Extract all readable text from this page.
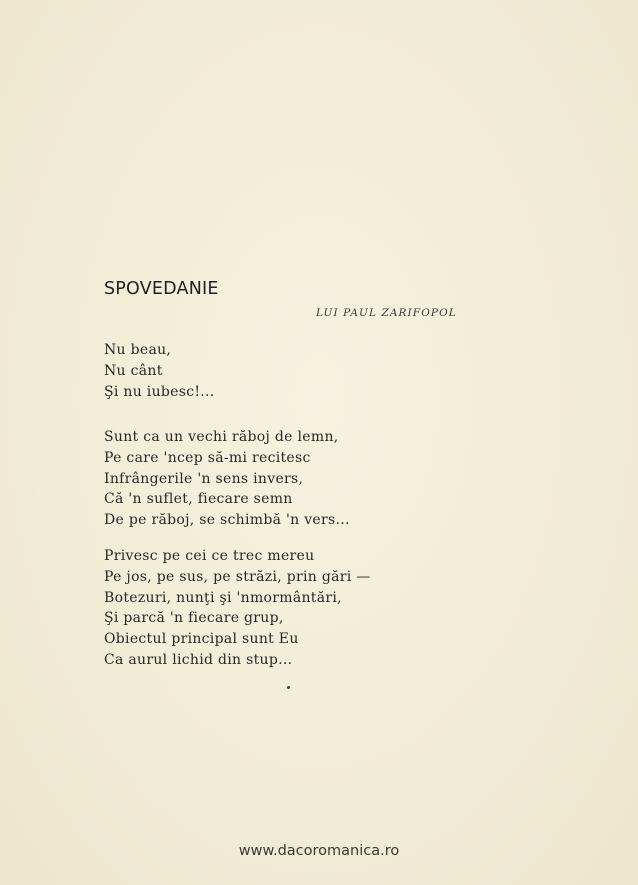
SPOVEDANIE
LUI PAUL ZARIFOPOL
Nu beau,
Nu cânt
Şi nu iubesc!...
Sunt ca un vechi răboj de lemn,
Pe care 'ncep să-mi recitesc
Infrângerile 'n sens invers,
Că 'n suflet, fiecare semn
De pe răboj, se schimbă 'n vers...
Privesc pe cei ce trec mereu
Pe jos, pe sus, pe străzi, prin gări —
Botezuri, nunţi şi 'nmormântări,
Şi parcă 'n fiecare grup,
Obiectul principal sunt Eu
Ca aurul lichid din stup...
www.dacoromanica.ro
